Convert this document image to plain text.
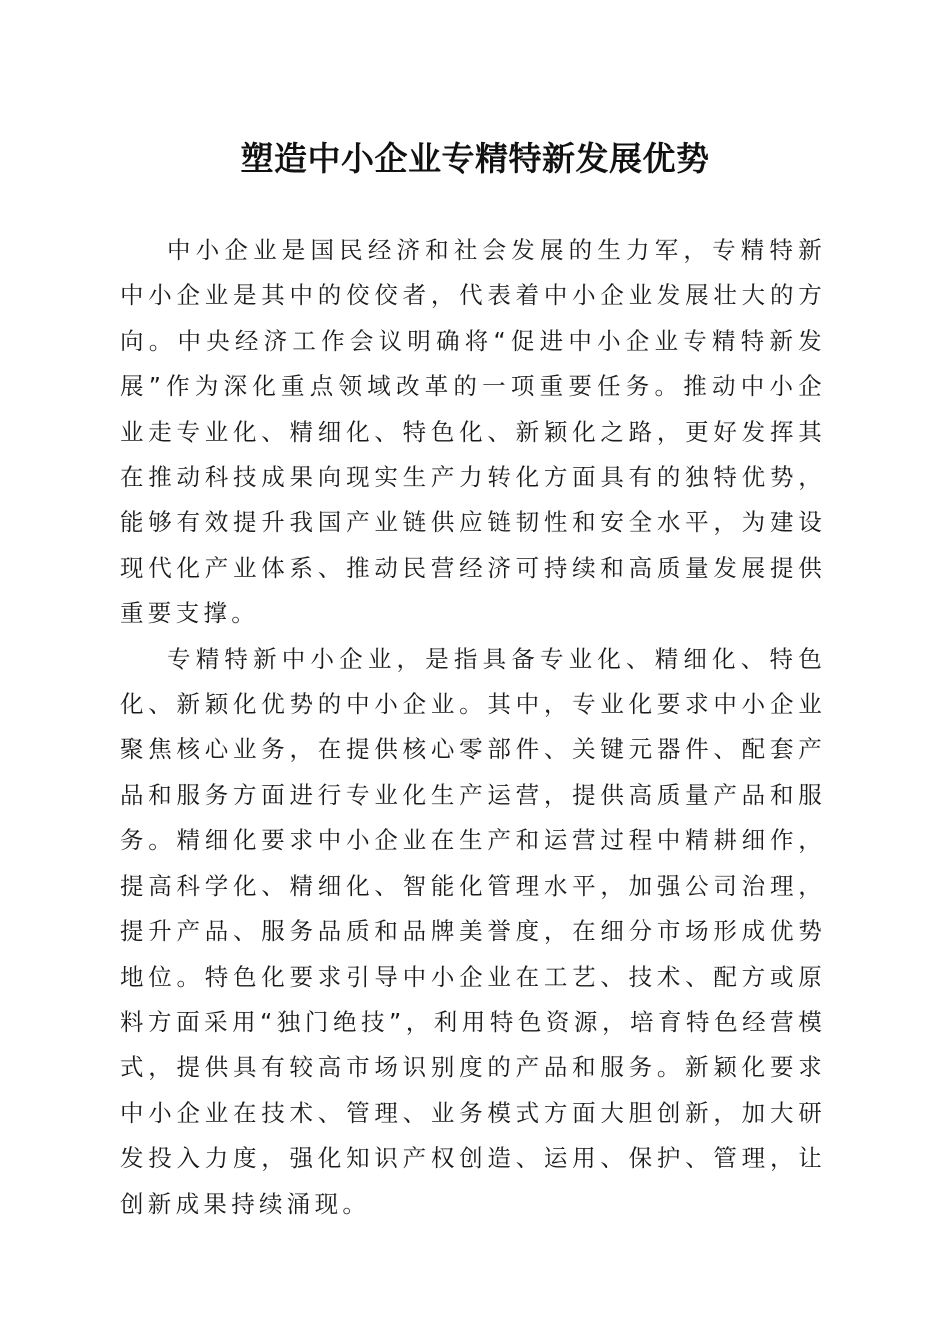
塑造中小企业专精特新发展优势

中小企业是国民经济和社会发展的生力军，专精特新中小企业是其中的佼佼者，代表着中小企业发展壮大的方向。中央经济工作会议明确将“促进中小企业专精特新发展”作为深化重点领域改革的一项重要任务。推动中小企业走专业化、精细化、特色化、新颖化之路，更好发挥其在推动科技成果向现实生产力转化方面具有的独特优势，能够有效提升我国产业链供应链韧性和安全水平，为建设现代化产业体系、推动民营经济可持续和高质量发展提供重要支撑。

专精特新中小企业，是指具备专业化、精细化、特色化、新颖化优势的中小企业。其中，专业化要求中小企业聚焦核心业务，在提供核心零部件、关键元器件、配套产品和服务方面进行专业化生产运营，提供高质量产品和服务。精细化要求中小企业在生产和运营过程中精耕细作，提高科学化、精细化、智能化管理水平，加强公司治理，提升产品、服务品质和品牌美誉度，在细分市场形成优势地位。特色化要求引导中小企业在工艺、技术、配方或原料方面采用“独门绝技”，利用特色资源，培育特色经营模式，提供具有较高市场识别度的产品和服务。新颖化要求中小企业在技术、管理、业务模式方面大胆创新，加大研发投入力度，强化知识产权创造、运用、保护、管理，让创新成果持续涌现。
